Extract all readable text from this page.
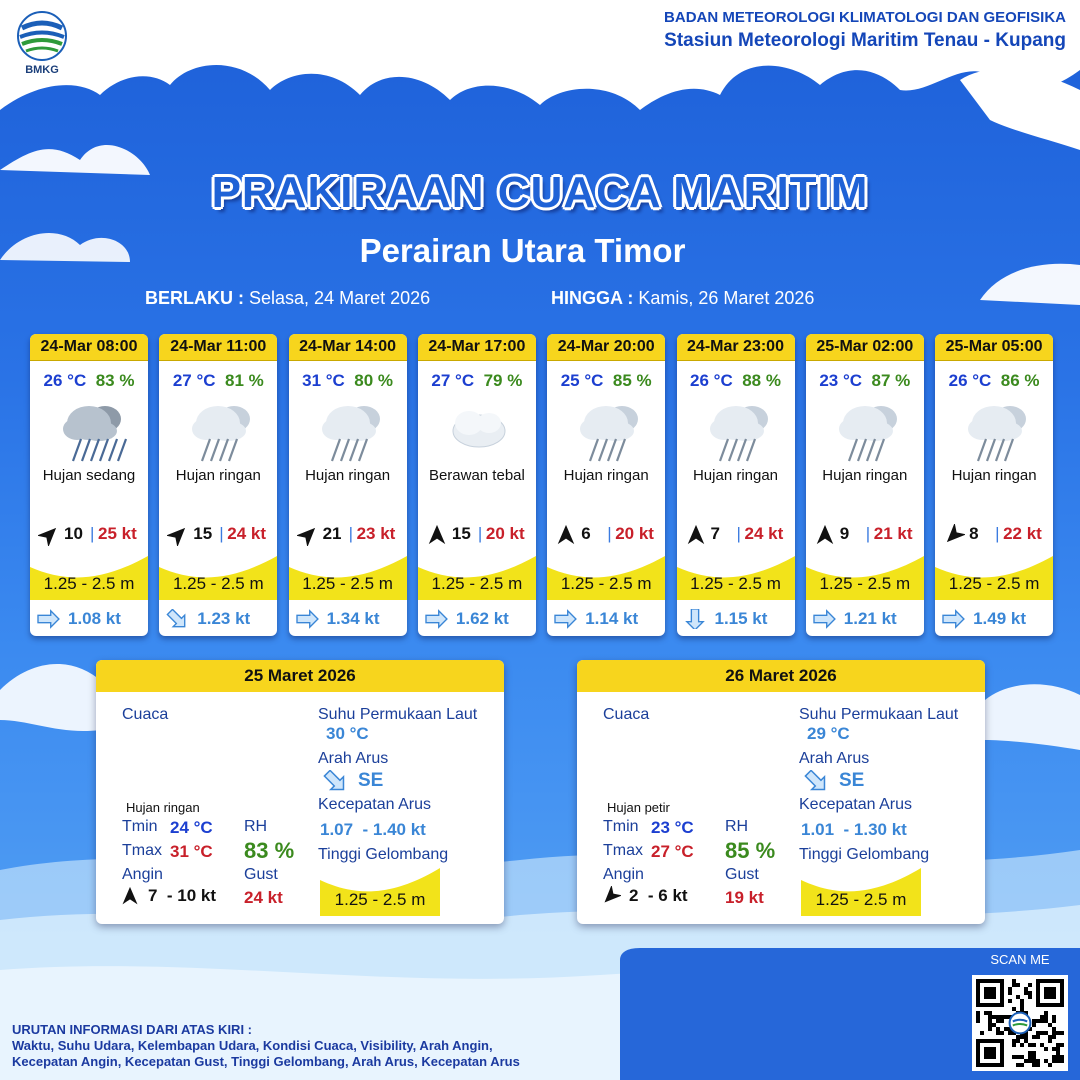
BMKG
BADAN METEOROLOGI KLIMATOLOGI DAN GEOFISIKA
Stasiun Meteorologi Maritim Tenau - Kupang
PRAKIRAAN CUACA MARITIM
Perairan Utara Timor
BERLAKU : Selasa, 24 Maret 2026	HINGGA : Kamis, 26 Maret 2026
24-Mar 08:00
26 °C 83 %
Hujan sedang
10 | 25 kt
1.25 - 2.5 m
1.08 kt
24-Mar 11:00
27 °C 81 %
Hujan ringan
15 | 24 kt
1.25 - 2.5 m
1.23 kt
24-Mar 14:00
31 °C 80 %
Hujan ringan
21 | 23 kt
1.25 - 2.5 m
1.34 kt
24-Mar 17:00
27 °C 79 %
Berawan tebal
15 | 20 kt
1.25 - 2.5 m
1.62 kt
24-Mar 20:00
25 °C 85 %
Hujan ringan
6 | 20 kt
1.25 - 2.5 m
1.14 kt
24-Mar 23:00
26 °C 88 %
Hujan ringan
7 | 24 kt
1.25 - 2.5 m
1.15 kt
25-Mar 02:00
23 °C 87 %
Hujan ringan
9 | 21 kt
1.25 - 2.5 m
1.21 kt
25-Mar 05:00
26 °C 86 %
Hujan ringan
8 | 22 kt
1.25 - 2.5 m
1.49 kt
25 Maret 2026
Cuaca
Hujan ringan
Tmin 24 °C
Tmax 31 °C
RH
83 %
Angin
7  - 10 kt
Gust
24 kt
Suhu Permukaan Laut
30 °C
Arah Arus
SE
Kecepatan Arus
1.07  - 1.40 kt
Tinggi Gelombang
1.25 - 2.5 m
26 Maret 2026
Cuaca
Hujan petir
Tmin 23 °C
Tmax 27 °C
RH
85 %
Angin
2  - 6 kt
Gust
19 kt
Suhu Permukaan Laut
29 °C
Arah Arus
SE
Kecepatan Arus
1.01  - 1.30 kt
Tinggi Gelombang
1.25 - 2.5 m
URUTAN INFORMASI DARI ATAS KIRI :
Waktu, Suhu Udara, Kelembapan Udara, Kondisi Cuaca, Visibility, Arah Angin,
Kecepatan Angin, Kecepatan Gust, Tinggi Gelombang, Arah Arus, Kecepatan Arus
SCAN ME
